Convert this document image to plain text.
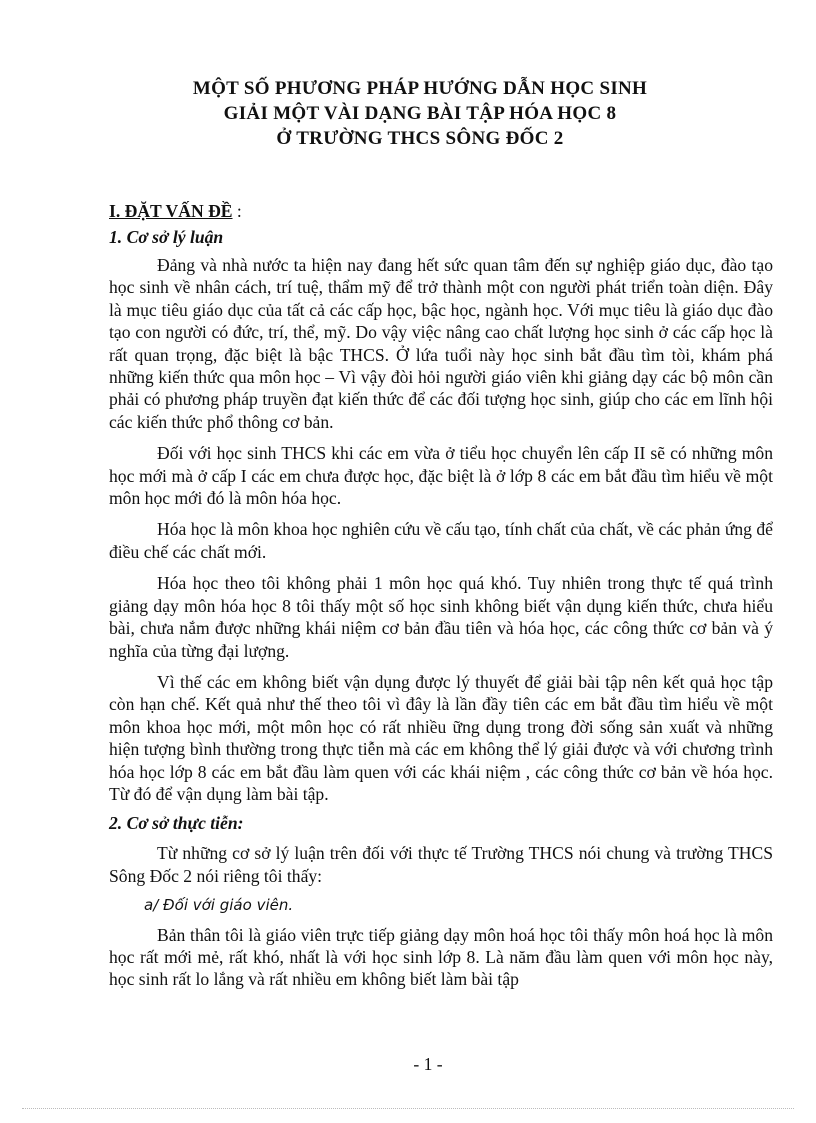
MỘT SỐ PHƯƠNG PHÁP HƯỚNG DẪN HỌC SINH
GIẢI MỘT VÀI DẠNG BÀI TẬP HÓA HỌC 8
Ở TRƯỜNG THCS SÔNG ĐỐC 2
I. ĐẶT VẤN ĐỀ :
1. Cơ sở lý luận

Đảng và nhà nước ta hiện nay đang hết sức quan tâm đến sự nghiệp giáo dục, đào tạo học sinh về nhân cách, trí tuệ, thẩm mỹ để trở thành một con người phát triển toàn diện. Đây là mục tiêu giáo dục của tất cả các cấp học, bậc học, ngành học. Với mục tiêu là giáo dục đào tạo con người có đức, trí, thể, mỹ. Do vậy việc nâng cao chất lượng học sinh ở các cấp học là rất quan trọng, đặc biệt là bậc THCS. Ở lứa tuổi này học sinh bắt đầu tìm tòi, khám phá những kiến thức qua môn học – Vì vậy đòi hỏi người giáo viên khi giảng dạy các bộ môn cần phải có phương pháp truyền đạt kiến thức để các đối tượng học sinh, giúp cho các em lĩnh hội các kiến thức phổ thông cơ bản.

Đối với học sinh THCS khi các em vừa ở tiểu học chuyển lên cấp II sẽ có những môn học mới mà ở cấp I các em chưa được học, đặc biệt là ở lớp 8 các em bắt đầu tìm hiểu về một môn học mới đó là môn hóa học.

Hóa học là môn khoa học nghiên cứu về cấu tạo, tính chất của chất, về các phản ứng để điều chế các chất mới.

Hóa học theo tôi không phải 1 môn học quá khó. Tuy nhiên trong thực tế quá trình giảng dạy môn hóa học 8 tôi thấy một số học sinh không biết vận dụng kiến thức, chưa hiểu bài, chưa nắm được những khái niệm cơ bản đầu tiên và hóa học, các công thức cơ bản và ý nghĩa của từng đại lượng.

Vì thế các em không biết vận dụng được lý thuyết để giải bài tập nên kết quả học tập còn hạn chế. Kết quả như thế theo tôi vì đây là lần đầy tiên các em bắt đầu tìm hiểu về một môn khoa học mới, một môn học có rất nhiều ững dụng trong đời sống sản xuất và những hiện tượng bình thường trong thực tiễn mà các em không thể lý giải được và với chương trình hóa học lớp 8 các em bắt đầu làm quen với các khái niệm , các công thức cơ bản về hóa học. Từ đó để vận dụng làm bài tập.

2. Cơ sở thực tiễn:

Từ những cơ sở lý luận trên đối với thực tế Trường THCS nói chung và trường THCS Sông Đốc 2 nói riêng tôi thấy:

a/ Đối với giáo viên.

Bản thân tôi là giáo viên trực tiếp giảng dạy môn hoá học tôi thấy môn hoá học là môn học rất mới mẻ, rất khó, nhất là với học sinh lớp 8. Là năm đầu làm quen với môn học này, học sinh rất lo lắng và rất nhiều em không biết làm bài tập

- 1 -
